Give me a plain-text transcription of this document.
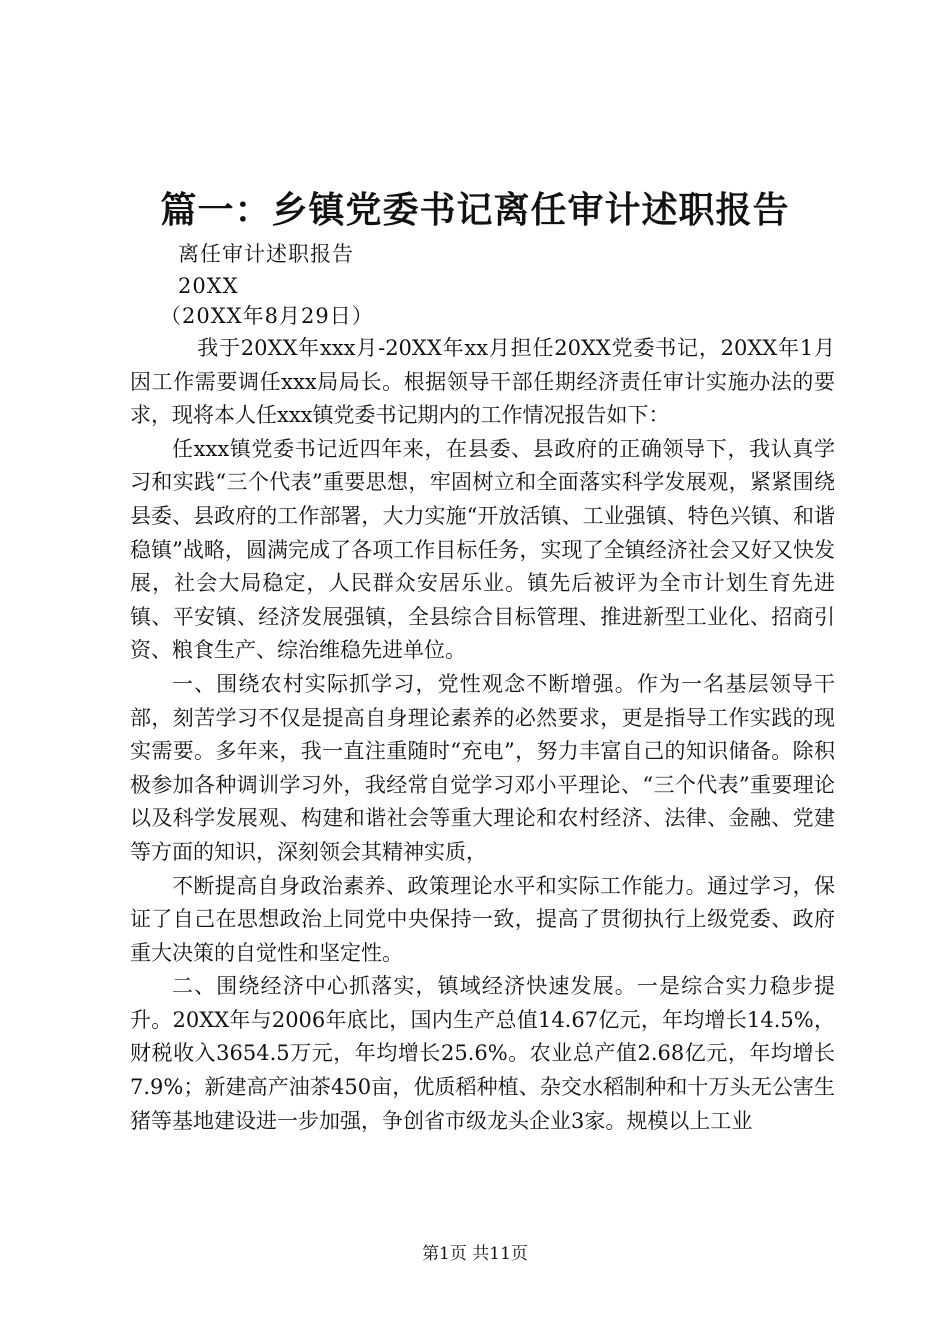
篇一：乡镇党委书记离任审计述职报告
离任审计述职报告
20XX
（20XX年8月29日）

我于20XX年xxx月-20XX年xx月担任20XX党委书记，20XX年1月因工作需要调任xxx局局长。根据领导干部任期经济责任审计实施办法的要求，现将本人任xxx镇党委书记期内的工作情况报告如下：

任xxx镇党委书记近四年来，在县委、县政府的正确领导下，我认真学习和实践“三个代表”重要思想，牢固树立和全面落实科学发展观，紧紧围绕县委、县政府的工作部署，大力实施“开放活镇、工业强镇、特色兴镇、和谐稳镇”战略，圆满完成了各项工作目标任务，实现了全镇经济社会又好又快发展，社会大局稳定，人民群众安居乐业。镇先后被评为全市计划生育先进镇、平安镇、经济发展强镇，全县综合目标管理、推进新型工业化、招商引资、粮食生产、综治维稳先进单位。

一、围绕农村实际抓学习，党性观念不断增强。作为一名基层领导干部，刻苦学习不仅是提高自身理论素养的必然要求，更是指导工作实践的现实需要。多年来，我一直注重随时“充电”，努力丰富自己的知识储备。除积极参加各种调训学习外，我经常自觉学习邓小平理论、“三个代表”重要理论以及科学发展观、构建和谐社会等重大理论和农村经济、法律、金融、党建等方面的知识，深刻领会其精神实质，

不断提高自身政治素养、政策理论水平和实际工作能力。通过学习，保证了自己在思想政治上同党中央保持一致，提高了贯彻执行上级党委、政府重大决策的自觉性和坚定性。

二、围绕经济中心抓落实，镇域经济快速发展。一是综合实力稳步提升。20XX年与2006年底比，国内生产总值14.67亿元，年均增长14.5%，财税收入3654.5万元，年均增长25.6%。农业总产值2.68亿元，年均增长7.9%；新建高产油茶450亩，优质稻种植、杂交水稻制种和十万头无公害生猪等基地建设进一步加强，争创省市级龙头企业3家。规模以上工业

第1页 共11页
